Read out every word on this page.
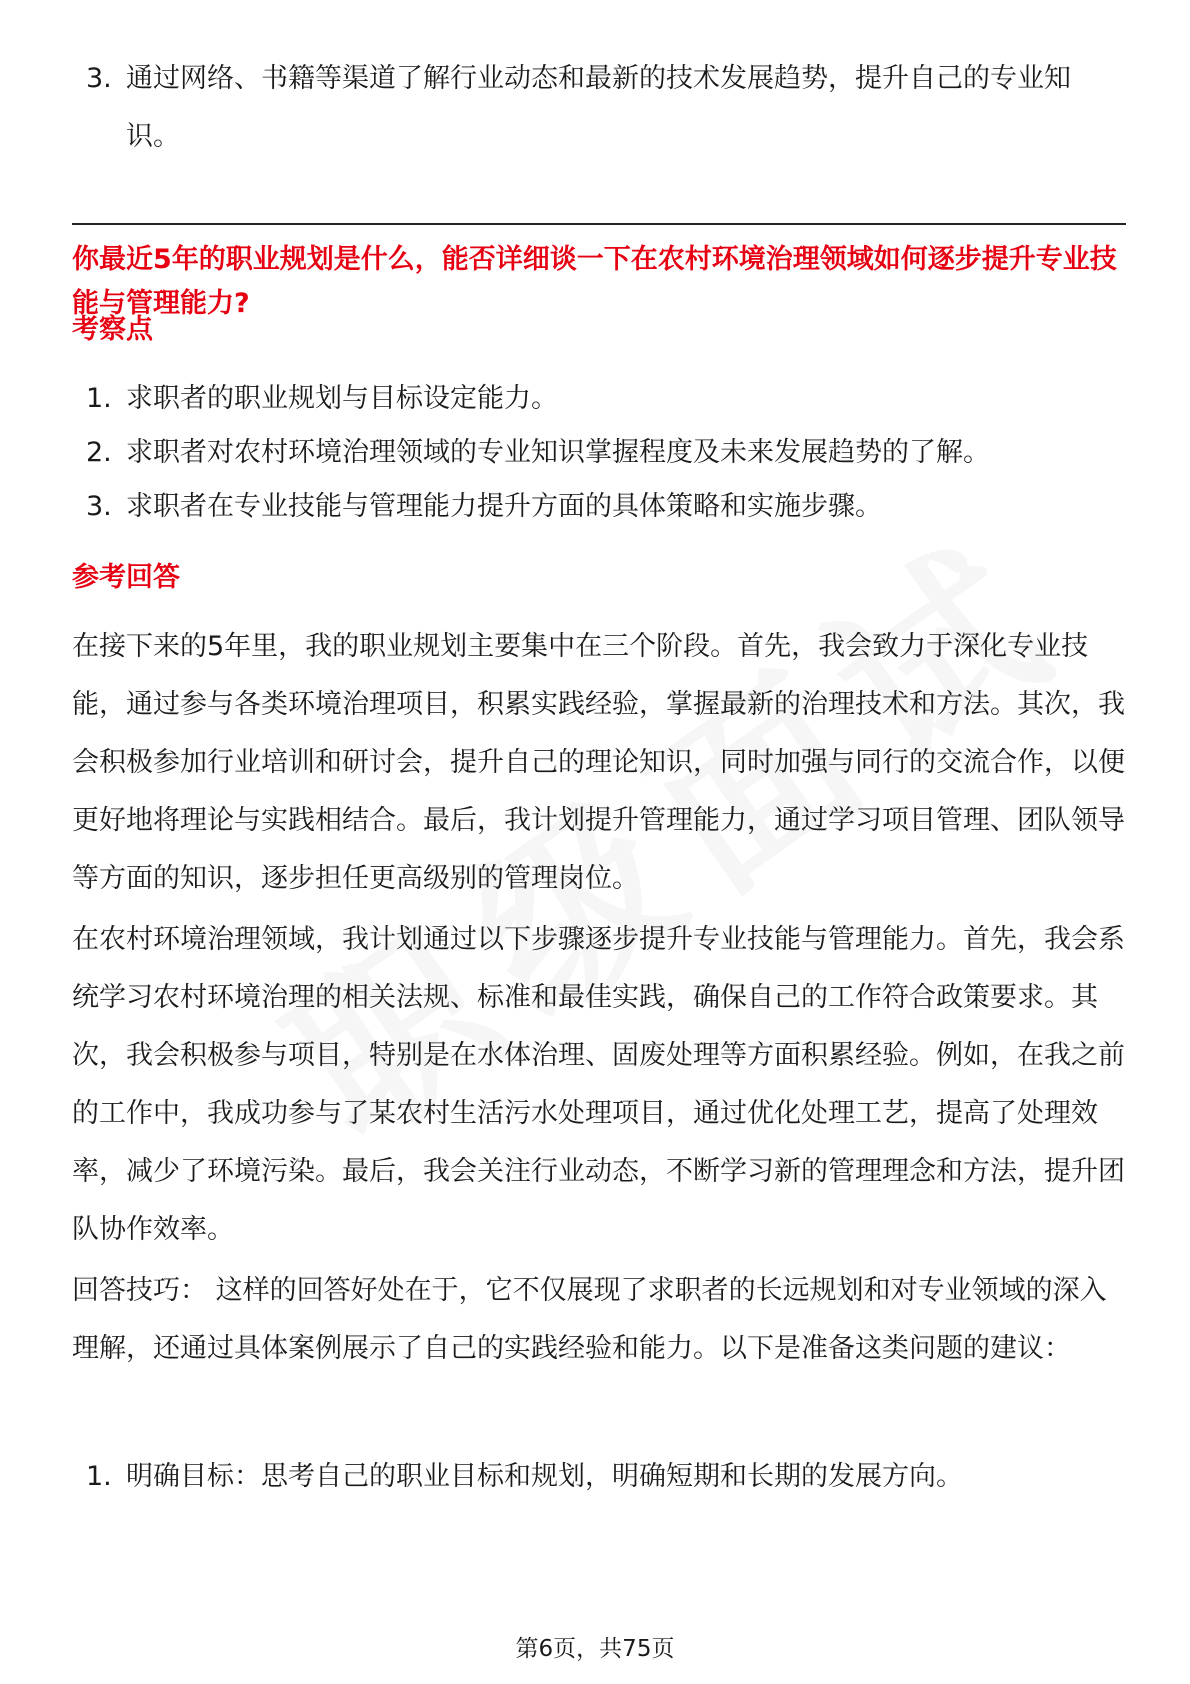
3. 通过网络、书籍等渠道了解行业动态和最新的技术发展趋势，提升自己的专业知识。
你最近5年的职业规划是什么，能否详细谈一下在农村环境治理领域如何逐步提升专业技能与管理能力?
考察点
1. 求职者的职业规划与目标设定能力。
2. 求职者对农村环境治理领域的专业知识掌握程度及未来发展趋势的了解。
3. 求职者在专业技能与管理能力提升方面的具体策略和实施步骤。
参考回答

在接下来的5年里，我的职业规划主要集中在三个阶段。首先，我会致力于深化专业技能，通过参与各类环境治理项目，积累实践经验，掌握最新的治理技术和方法。其次，我会积极参加行业培训和研讨会，提升自己的理论知识，同时加强与同行的交流合作，以便更好地将理论与实践相结合。最后，我计划提升管理能力，通过学习项目管理、团队领导等方面的知识，逐步担任更高级别的管理岗位。

在农村环境治理领域，我计划通过以下步骤逐步提升专业技能与管理能力。首先，我会系统学习农村环境治理的相关法规、标准和最佳实践，确保自己的工作符合政策要求。其次，我会积极参与项目，特别是在水体治理、固废处理等方面积累经验。例如，在我之前的工作中，我成功参与了某农村生活污水处理项目，通过优化处理工艺，提高了处理效率，减少了环境污染。最后，我会关注行业动态，不断学习新的管理理念和方法，提升团队协作效率。

回答技巧： 这样的回答好处在于，它不仅展现了求职者的长远规划和对专业领域的深入理解，还通过具体案例展示了自己的实践经验和能力。以下是准备这类问题的建议：

1. 明确目标：思考自己的职业目标和规划，明确短期和长期的发展方向。
第6页，共75页
